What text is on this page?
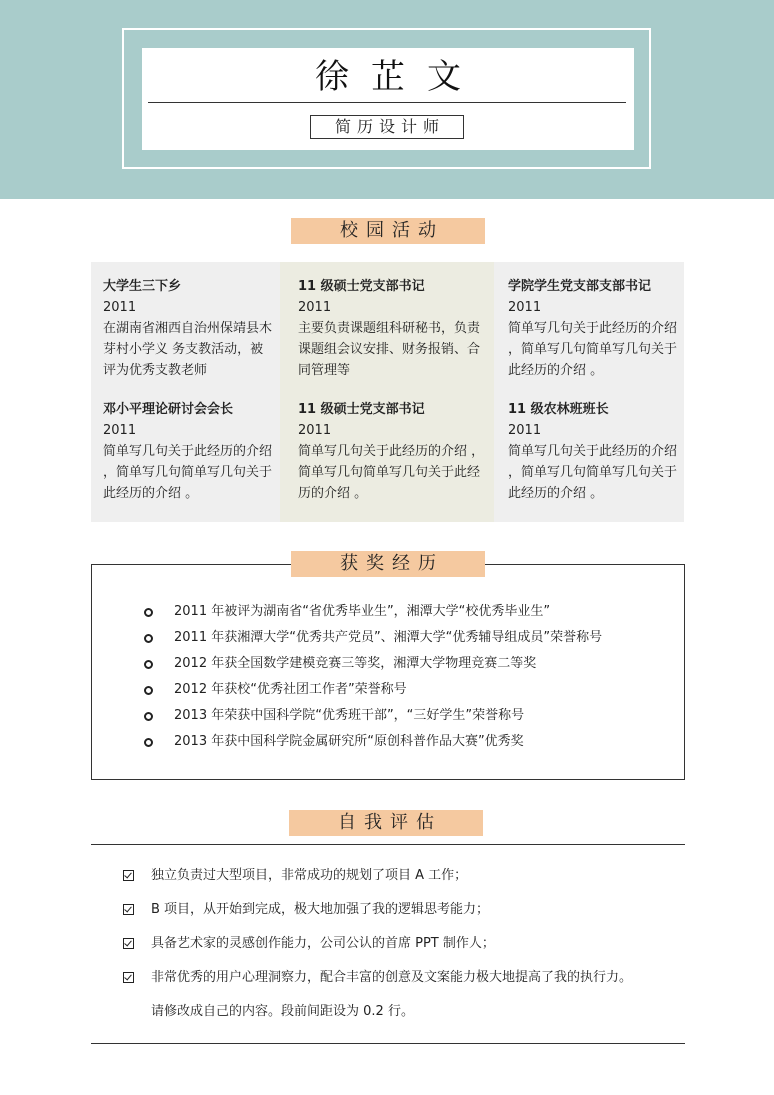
徐芷文
简历设计师
校园活动
大学生三下乡
2011
在湖南省湘西自治州保靖县木芽村小学义 务支教活动，被评为优秀支教老师
邓小平理论研讨会会长
2011
简单写几句关于此经历的介绍 ，简单写几句简单写几句关于此经历的介绍 。
11 级硕士党支部书记
2011
主要负责课题组科研秘书，负责课题组会议安排、财务报销、合同管理等
11 级硕士党支部书记
2011
简单写几句关于此经历的介绍 ，简单写几句简单写几句关于此经历的介绍 。
学院学生党支部支部书记
2011
简单写几句关于此经历的介绍 ，简单写几句简单写几句关于此经历的介绍 。
11 级农林班班长
2011
简单写几句关于此经历的介绍 ，简单写几句简单写几句关于此经历的介绍 。
2011 年被评为湖南省“省优秀毕业生”，湘潭大学“校优秀毕业生”
2011 年获湘潭大学“优秀共产党员”、湘潭大学“优秀辅导组成员”荣誉称号
2012 年获全国数学建模竞赛三等奖，湘潭大学物理竞赛二等奖
2012 年获校“优秀社团工作者”荣誉称号
2013 年荣获中国科学院“优秀班干部”，“三好学生”荣誉称号
2013 年获中国科学院金属研究所“原创科普作品大赛”优秀奖
获奖经历
自我评估
独立负责过大型项目，非常成功的规划了项目 A 工作；
B 项目，从开始到完成，极大地加强了我的逻辑思考能力；
具备艺术家的灵感创作能力，公司公认的首席 PPT 制作人；
非常优秀的用户心理洞察力，配合丰富的创意及文案能力极大地提高了我的执行力。
请修改成自己的内容。段前间距设为 0.2 行。
